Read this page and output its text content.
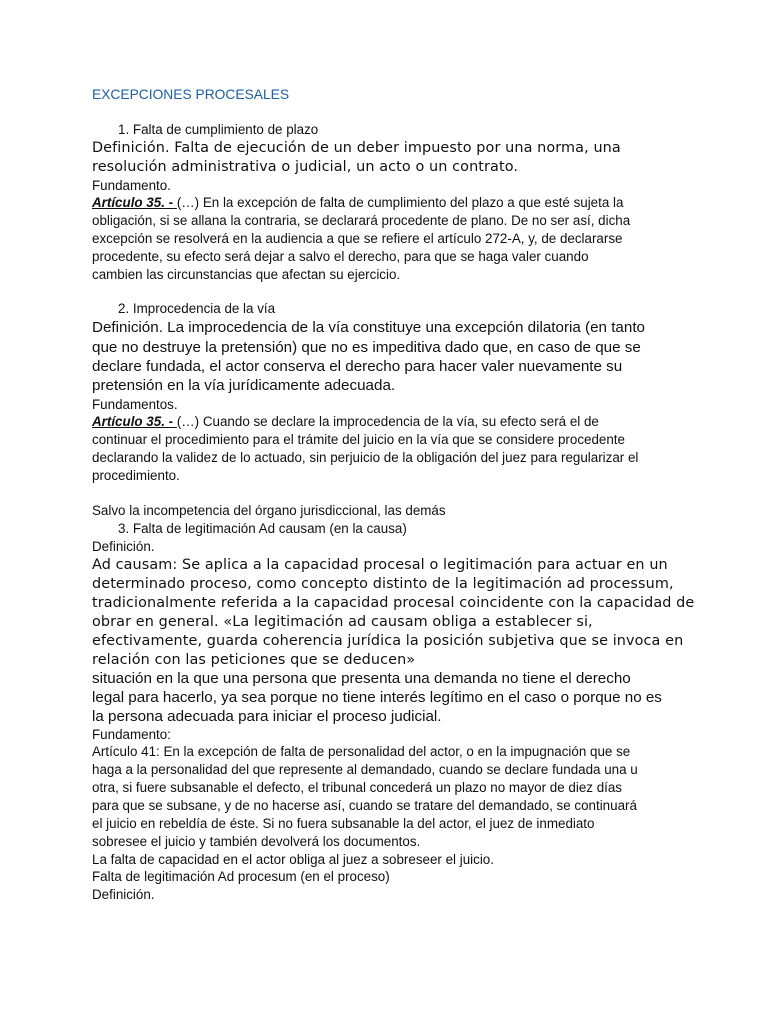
EXCEPCIONES PROCESALES
1. Falta de cumplimiento de plazo
Definición. Falta de ejecución de un deber impuesto por una norma, una
resolución administrativa o judicial, un acto o un contrato.
Fundamento.
Artículo 35. - (…) En la excepción de falta de cumplimiento del plazo a que esté sujeta la
obligación, si se allana la contraria, se declarará procedente de plano. De no ser así, dicha
excepción se resolverá en la audiencia a que se refiere el artículo 272-A, y, de declararse
procedente, su efecto será dejar a salvo el derecho, para que se haga valer cuando
cambien las circunstancias que afectan su ejercicio.
2. Improcedencia de la vía
Definición. La improcedencia de la vía constituye una excepción dilatoria (en tanto
que no destruye la pretensión) que no es impeditiva dado que, en caso de que se
declare fundada, el actor conserva el derecho para hacer valer nuevamente su
pretensión en la vía jurídicamente adecuada.
Fundamentos.
Artículo 35. - (…) Cuando se declare la improcedencia de la vía, su efecto será el de
continuar el procedimiento para el trámite del juicio en la vía que se considere procedente
declarando la validez de lo actuado, sin perjuicio de la obligación del juez para regularizar el
procedimiento.
Salvo la incompetencia del órgano jurisdiccional, las demás
3. Falta de legitimación Ad causam (en la causa)
Definición.
Ad causam: Se aplica a la capacidad procesal o legitimación para actuar en un
determinado proceso, como concepto distinto de la legitimación ad processum,
tradicionalmente referida a la capacidad procesal coincidente con la capacidad de
obrar en general. «La legitimación ad causam obliga a establecer si,
efectivamente, guarda coherencia jurídica la posición subjetiva que se invoca en
relación con las peticiones que se deducen»
situación en la que una persona que presenta una demanda no tiene el derecho
legal para hacerlo, ya sea porque no tiene interés legítimo en el caso o porque no es
la persona adecuada para iniciar el proceso judicial.
Fundamento:
Artículo 41: En la excepción de falta de personalidad del actor, o en la impugnación que se
haga a la personalidad del que represente al demandado, cuando se declare fundada una u
otra, si fuere subsanable el defecto, el tribunal concederá un plazo no mayor de diez días
para que se subsane, y de no hacerse así, cuando se tratare del demandado, se continuará
el juicio en rebeldía de éste. Si no fuera subsanable la del actor, el juez de inmediato
sobresee el juicio y también devolverá los documentos.
La falta de capacidad en el actor obliga al juez a sobreseer el juicio.
Falta de legitimación Ad procesum (en el proceso)
Definición.
